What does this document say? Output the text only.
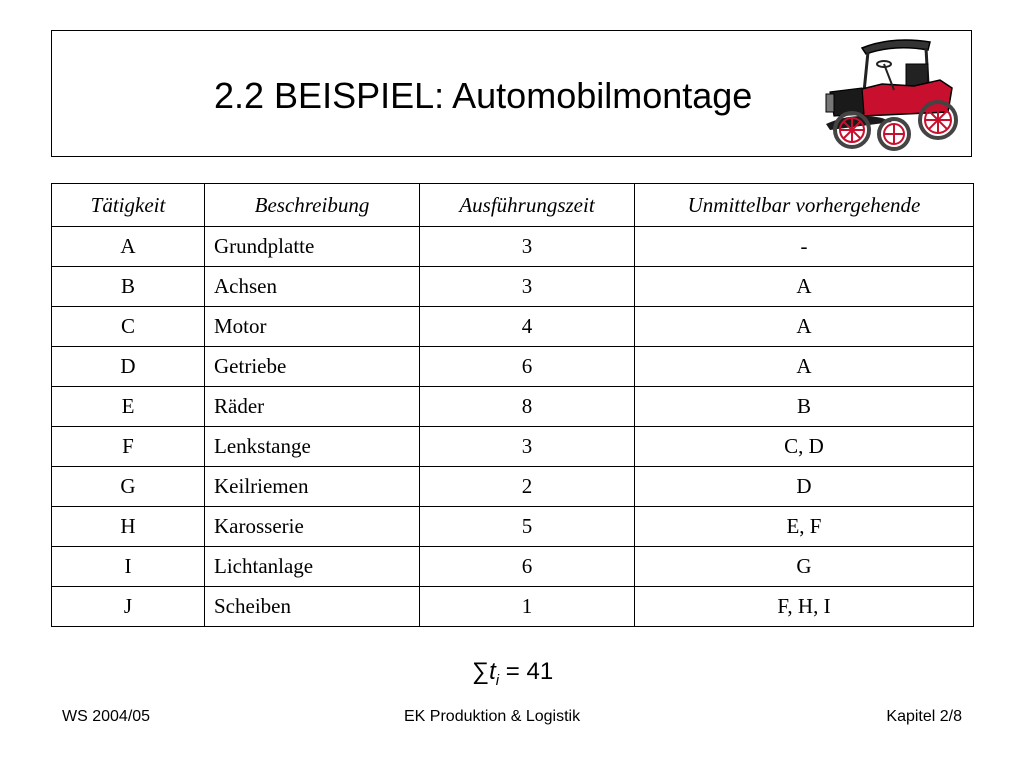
2.2 BEISPIEL: Automobilmontage
Tätigkeit	Beschreibung	Ausführungszeit	Unmittelbar vorhergehende
A	Grundplatte	3	-
B	Achsen	3	A
C	Motor	4	A
D	Getriebe	6	A
E	Räder	8	B
F	Lenkstange	3	C, D
G	Keilriemen	2	D
H	Karosserie	5	E, F
I	Lichtanlage	6	G
J	Scheiben	1	F, H, I
$\sum t_i = 41$
WS 2004/05	EK Produktion & Logistik	Kapitel 2/8
